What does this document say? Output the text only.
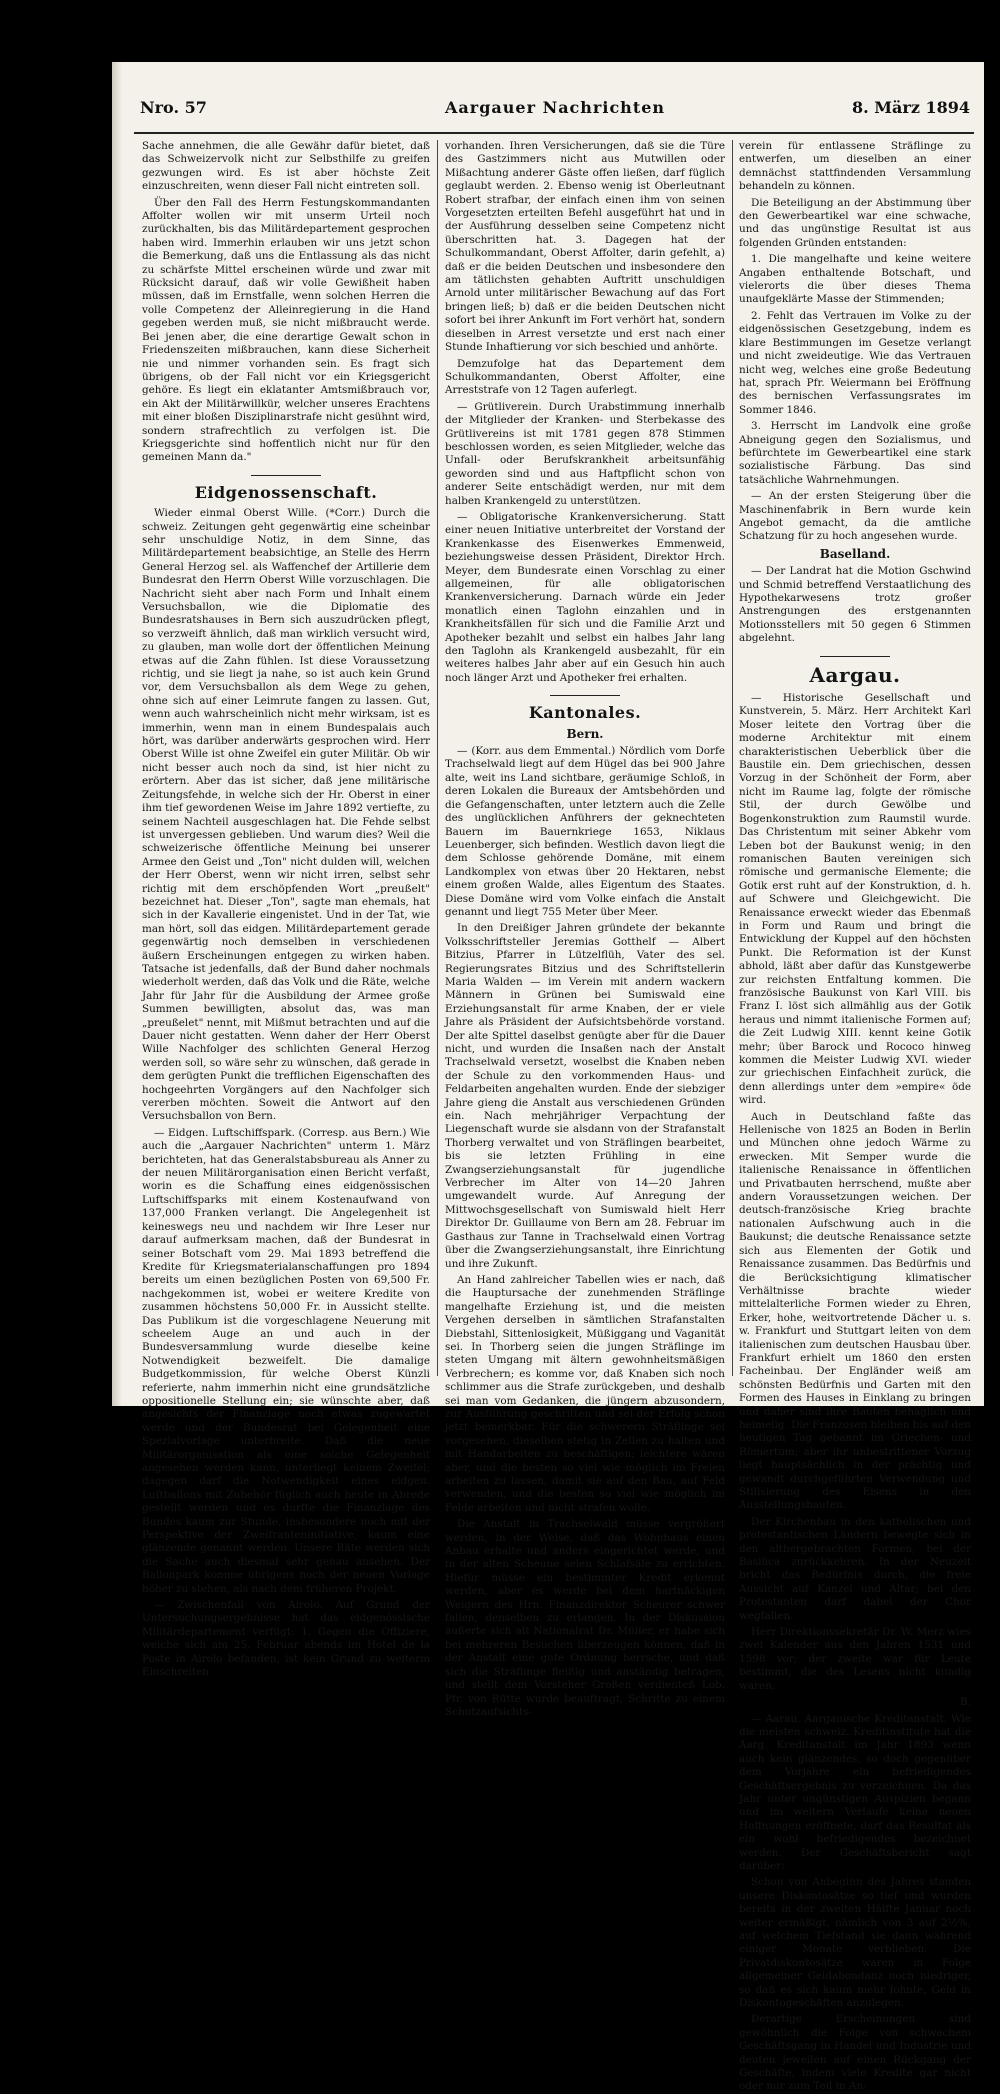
Nro. 57	Aargauer Nachrichten	8. März 1894

Sache annehmen, die alle Gewähr dafür bietet, daß das Schweizervolk nicht zur Selbsthilfe zu greifen gezwungen wird. Es ist aber höchste Zeit einzuschreiten, wenn dieser Fall nicht eintreten soll.

Über den Fall des Herrn Festungskommandanten Affolter wollen wir mit unserm Urteil noch zurückhalten, bis das Militärdepartement gesprochen haben wird. Immerhin erlauben wir uns jetzt schon die Bemerkung, daß uns die Entlassung als das nicht zu schärfste Mittel erscheinen würde und zwar mit Rücksicht darauf, daß wir volle Gewißheit haben müssen, daß im Ernstfalle, wenn solchen Herren die volle Competenz der Alleinregierung in die Hand gegeben werden muß, sie nicht mißbraucht werde. Bei jenen aber, die eine derartige Gewalt schon in Friedenszeiten mißbrauchen, kann diese Sicherheit nie und nimmer vorhanden sein. Es fragt sich übrigens, ob der Fall nicht vor ein Kriegsgericht gehöre. Es liegt ein eklatanter Amtsmißbrauch vor, ein Akt der Militärwillkür, welcher unseres Erachtens mit einer bloßen Disziplinarstrafe nicht gesühnt wird, sondern strafrechtlich zu verfolgen ist. Die Kriegsgerichte sind hoffentlich nicht nur für den gemeinen Mann da."

Eidgenossenschaft.

Wieder einmal Oberst Wille. (*Corr.) Durch die schweiz. Zeitungen geht gegenwärtig eine scheinbar sehr unschuldige Notiz, in dem Sinne, das Militärdepartement beabsichtige, an Stelle des Herrn General Herzog sel. als Waffenchef der Artillerie dem Bundesrat den Herrn Oberst Wille vorzuschlagen. Die Nachricht sieht aber nach Form und Inhalt einem Versuchsballon, wie die Diplomatie des Bundesratshauses in Bern sich auszudrücken pflegt, so verzweift ähnlich, daß man wirklich versucht wird, zu glauben, man wolle dort der öffentlichen Meinung etwas auf die Zahn fühlen. Ist diese Voraussetzung richtig, und sie liegt ja nahe, so ist auch kein Grund vor, dem Versuchsballon als dem Wege zu gehen, ohne sich auf einer Leimrute fangen zu lassen. Gut, wenn auch wahrscheinlich nicht mehr wirksam, ist es immerhin, wenn man in einem Bundespalais auch hört, was darüber anderwärts gesprochen wird. Herr Oberst Wille ist ohne Zweifel ein guter Militär. Ob wir nicht besser auch noch da sind, ist hier nicht zu erörtern. Aber das ist sicher, daß jene militärische Zeitungsfehde, in welche sich der Hr. Oberst in einer ihm tief gewordenen Weise im Jahre 1892 vertiefte, zu seinem Nachteil ausgeschlagen hat. Die Fehde selbst ist unvergessen geblieben. Und warum dies? Weil die schweizerische öffentliche Meinung bei unserer Armee den Geist und „Ton" nicht dulden will, welchen der Herr Oberst, wenn wir nicht irren, selbst sehr richtig mit dem erschöpfenden Wort „preußelt" bezeichnet hat. Dieser „Ton", sagte man ehemals, hat sich in der Kavallerie eingenistet. Und in der Tat, wie man hört, soll das eidgen. Militärdepartement gerade gegenwärtig noch demselben in verschiedenen äußern Erscheinungen entgegen zu wirken haben. Tatsache ist jedenfalls, daß der Bund daher nochmals wiederholt werden, daß das Volk und die Räte, welche Jahr für Jahr für die Ausbildung der Armee große Summen bewilligten, absolut das, was man „preußelet" nennt, mit Mißmut betrachten und auf die Dauer nicht gestatten. Wenn daher der Herr Oberst Wille Nachfolger des schlichten General Herzog werden soll, so wäre sehr zu wünschen, daß gerade in dem gerügten Punkt die trefflichen Eigenschaften des hochgeehrten Vorgängers auf den Nachfolger sich vererben möchten. Soweit die Antwort auf den Versuchsballon von Bern.

— Eidgen. Luftschiffspark. (Corresp. aus Bern.) Wie auch die „Aargauer Nachrichten" unterm 1. März berichteten, hat das Generalstabsbureau als Anner zu der neuen Militärorganisation einen Bericht verfaßt, worin es die Schaffung eines eidgenössischen Luftschiffsparks mit einem Kostenaufwand von 137,000 Franken verlangt. Die Angelegenheit ist keineswegs neu und nachdem wir Ihre Leser nur darauf aufmerksam machen, daß der Bundesrat in seiner Botschaft vom 29. Mai 1893 betreffend die Kredite für Kriegsmaterialanschaffungen pro 1894 bereits um einen bezüglichen Posten von 69,500 Fr. nachgekommen ist, wobei er weitere Kredite von zusammen höchstens 50,000 Fr. in Aussicht stellte. Das Publikum ist die vorgeschlagene Neuerung mit scheelem Auge an und auch in der Bundesversammlung wurde dieselbe keine Notwendigkeit bezweifelt. Die damalige Budgetkommission, für welche Oberst Künzli referierte, nahm immerhin nicht eine grundsätzliche oppositionelle Stellung ein; sie wünschte aber, daß angesichts der Finanzlage noch etwas zugewartet werde und der Bundesrat bei Gelegenheit eine Spezialvorlage unterbreite. Daß die neue Militärorganisation als eine solche Gelegenheit angesehen werden kann, unterliegt keinem Zweifel; dagegen darf die Notwendigkeit eines eidgen. Luftballons mit Zubehör füglich auch heute in Abrede gestellt werden und es durfte die Finanzlage des Bundes kaum zur Stunde, insbesondere noch mit der Perspektive der Zweifranteninitiative, kaum eine glänzende genannt werden. Unsere Räte werden sich die Sache auch diesmal sehr genau ansehen. Der Ballonpark komme übrigens noch der neuen Vorlage höher zu stehen, als nach dem früheren Projekt.

— Zwischenfall von Airolo. Auf Grund der Untersuchungsergebnisse hat das eidgenössische Militärdepartement verfügt: 1. Gegen die Offiziere, welche sich am 25. Februar abends im Hotel de la Poste in Airolo befanden, ist kein Grund zu weiterm Einschreiten

vorhanden. Ihren Versicherungen, daß sie die Türe des Gastzimmers nicht aus Mutwillen oder Mißachtung anderer Gäste offen ließen, darf füglich geglaubt werden. 2. Ebenso wenig ist Oberleutnant Robert strafbar, der einfach einen ihm von seinen Vorgesetzten erteilten Befehl ausgeführt hat und in der Ausführung desselben seine Competenz nicht überschritten hat. 3. Dagegen hat der Schulkommandant, Oberst Affolter, darin gefehlt, a) daß er die beiden Deutschen und insbesondere den am tätlichsten gehabten Auftritt unschuldigen Arnold unter militärischer Bewachung auf das Fort bringen ließ; b) daß er die beiden Deutschen nicht sofort bei ihrer Ankunft im Fort verhört hat, sondern dieselben in Arrest versetzte und erst nach einer Stunde Inhaftierung vor sich beschied und anhörte.

Demzufolge hat das Departement dem Schulkommandanten, Oberst Affolter, eine Arreststrafe von 12 Tagen auferlegt.

— Grütliverein. Durch Urabstimmung innerhalb der Mitglieder der Kranken- und Sterbekasse des Grütlivereins ist mit 1781 gegen 878 Stimmen beschlossen worden, es seien Mitglieder, welche das Unfall- oder Berufskrankheit arbeitsunfähig geworden sind und aus Haftpflicht schon von anderer Seite entschädigt werden, nur mit dem halben Krankengeld zu unterstützen.

— Obligatorische Krankenversicherung. Statt einer neuen Initiative unterbreitet der Vorstand der Krankenkasse des Eisenwerkes Emmenweid, beziehungsweise dessen Präsident, Direktor Hrch. Meyer, dem Bundesrate einen Vorschlag zu einer allgemeinen, für alle obligatorischen Krankenversicherung. Darnach würde ein Jeder monatlich einen Taglohn einzahlen und in Krankheitsfällen für sich und die Familie Arzt und Apotheker bezahlt und selbst ein halbes Jahr lang den Taglohn als Krankengeld ausbezahlt, für ein weiteres halbes Jahr aber auf ein Gesuch hin auch noch länger Arzt und Apotheker frei erhalten.

Kantonales.
Bern.

— (Korr. aus dem Emmental.) Nördlich vom Dorfe Trachselwald liegt auf dem Hügel das bei 900 Jahre alte, weit ins Land sichtbare, geräumige Schloß, in deren Lokalen die Bureaux der Amtsbehörden und die Gefangenschaften, unter letztern auch die Zelle des unglücklichen Anführers der geknechteten Bauern im Bauernkriege 1653, Niklaus Leuenberger, sich befinden. Westlich davon liegt die dem Schlosse gehörende Domäne, mit einem Landkomplex von etwas über 20 Hektaren, nebst einem großen Walde, alles Eigentum des Staates. Diese Domäne wird vom Volke einfach die Anstalt genannt und liegt 755 Meter über Meer.

In den Dreißiger Jahren gründete der bekannte Volksschriftsteller Jeremias Gotthelf — Albert Bitzius, Pfarrer in Lützelflüh, Vater des sel. Regierungsrates Bitzius und des Schriftstellerin Maria Walden — im Verein mit andern wackern Männern in Grünen bei Sumiswald eine Erziehungsanstalt für arme Knaben, der er viele Jahre als Präsident der Aufsichtsbehörde vorstand. Der alte Spittel daselbst genügte aber für die Dauer nicht, und wurden die Insaßen nach der Anstalt Trachselwald versetzt, woselbst die Knaben neben der Schule zu den vorkommenden Haus- und Feldarbeiten angehalten wurden. Ende der siebziger Jahre gieng die Anstalt aus verschiedenen Gründen ein. Nach mehrjähriger Verpachtung der Liegenschaft wurde sie alsdann von der Strafanstalt Thorberg verwaltet und von Sträflingen bearbeitet, bis sie letzten Frühling in eine Zwangserziehungsanstalt für jugendliche Verbrecher im Alter von 14—20 Jahren umgewandelt wurde. Auf Anregung der Mittwochsgesellschaft von Sumiswald hielt Herr Direktor Dr. Guillaume von Bern am 28. Februar im Gasthaus zur Tanne in Trachselwald einen Vortrag über die Zwangserziehungsanstalt, ihre Einrichtung und ihre Zukunft.

An Hand zahlreicher Tabellen wies er nach, daß die Hauptursache der zunehmenden Sträflinge mangelhafte Erziehung ist, und die meisten Vergehen derselben in sämtlichen Strafanstalten Diebstahl, Sittenlosigkeit, Müßiggang und Vaganität sei. In Thorberg seien die jungen Sträflinge im steten Umgang mit ältern gewohnheitsmäßigen Verbrechern; es komme vor, daß Knaben sich noch schlimmer aus die Strafe zurückgeben, und deshalb sei man vom Gedanken, die jüngern abzusondern, zur Ausführung geschritten und sei der Erfolg schon jetzt bemerkbar. Für die schwerern Sträflinge sei vorgesehen, dieselben stetig in Zellen zu halten und mit Handarbeiten zu beschäftigen; leichtere wären aber, und die besten so viel wie möglich im Freien arbeiten zu lassen, damit sie auf den Bau, auf Feld verwenden, und die besten so viel wie möglich im Felde arbeiten und nicht strafen wolle.

Die Anstalt in Trachselwald müsse vergrößert werden, in der Weise, daß das Wohnhaus einen Anbau erhalte und anders eingerichtet werde, und in der alten Scheune seien Schlafsäle zu errichten. Hiefür müsse ein bestimmter Kredit erkennt werden, aber es werde bei dem hartnäckigen Weigern des Hrn. Finanzdirektor Scheurer schwer fallen, denselben zu erlangen. In der Diskussion äußerte sich alt Nationalrat Dr. Müller, er habe sich bei mehreren Besuchen überzeugen können, daß in der Anstalt eine gute Ordnung herrsche, und daß sich die Sträflinge fleißig und anständig betragen, und stellt dem Vorsteher Großen verdienteß Lob. Pfr. von Rütte wurde beauftragt, Schritte zu einem Schutzaufsichts-

verein für entlassene Sträflinge zu entwerfen, um dieselben an einer demnächst stattfindenden Versammlung behandeln zu können.

Die Beteiligung an der Abstimmung über den Gewerbeartikel war eine schwache, und das ungünstige Resultat ist aus folgenden Gründen entstanden:

1. Die mangelhafte und keine weitere Angaben enthaltende Botschaft, und vielerorts die über dieses Thema unaufgeklärte Masse der Stimmenden;

2. Fehlt das Vertrauen im Volke zu der eidgenössischen Gesetzgebung, indem es klare Bestimmungen im Gesetze verlangt und nicht zweideutige. Wie das Vertrauen nicht weg, welches eine große Bedeutung hat, sprach Pfr. Weiermann bei Eröffnung des bernischen Verfassungsrates im Sommer 1846.

3. Herrscht im Landvolk eine große Abneigung gegen den Sozialismus, und befürchtete im Gewerbeartikel eine stark sozialistische Färbung. Das sind tatsächliche Wahrnehmungen.

— An der ersten Steigerung über die Maschinenfabrik in Bern wurde kein Angebot gemacht, da die amtliche Schatzung für zu hoch angesehen wurde.

Baselland.

— Der Landrat hat die Motion Gschwind und Schmid betreffend Verstaatlichung des Hypothekarwesens trotz großer Anstrengungen des erstgenannten Motionsstellers mit 50 gegen 6 Stimmen abgelehnt.

Aargau.

— Historische Gesellschaft und Kunstverein, 5. März. Herr Architekt Karl Moser leitete den Vortrag über die moderne Architektur mit einem charakteristischen Ueberblick über die Baustile ein. Dem griechischen, dessen Vorzug in der Schönheit der Form, aber nicht im Raume lag, folgte der römische Stil, der durch Gewölbe und Bogenkonstruktion zum Raumstil wurde. Das Christentum mit seiner Abkehr vom Leben bot der Baukunst wenig; in den romanischen Bauten vereinigen sich römische und germanische Elemente; die Gotik erst ruht auf der Konstruktion, d. h. auf Schwere und Gleichgewicht. Die Renaissance erweckt wieder das Ebenmaß in Form und Raum und bringt die Entwicklung der Kuppel auf den höchsten Punkt. Die Reformation ist der Kunst abhold, läßt aber dafür das Kunstgewerbe zur reichsten Entfaltung kommen. Die französische Baukunst von Karl VIII. bis Franz I. löst sich allmählig aus der Gotik heraus und nimmt italienische Formen auf; die Zeit Ludwig XIII. kennt keine Gotik mehr; über Barock und Rococo hinweg kommen die Meister Ludwig XVI. wieder zur griechischen Einfachheit zurück, die denn allerdings unter dem »empire« öde wird.

Auch in Deutschland faßte das Hellenische von 1825 an Boden in Berlin und München ohne jedoch Wärme zu erwecken. Mit Semper wurde die italienische Renaissance in öffentlichen und Privatbauten herrschend, mußte aber andern Voraussetzungen weichen. Der deutsch-französische Krieg brachte nationalen Aufschwung auch in die Baukunst; die deutsche Renaissance setzte sich aus Elementen der Gotik und Renaissance zusammen. Das Bedürfnis und die Berücksichtigung klimatischer Verhältnisse brachte wieder mittelalterliche Formen wieder zu Ehren, Erker, hohe, weitvortretende Dächer u. s. w. Frankfurt und Stuttgart leiten von dem italienischen zum deutschen Hausbau über. Frankfurt erhielt um 1860 den ersten Facheinbau. Der Engländer weiß am schönsten Bedürfnis und Garten mit den Formen des Hauses in Einklang zu bringen und daher sind ihre Bauten behaglich und heimelig. Die Franzosen bleiben bis auf den heutigen Tag gebannt im Griechen- und Römertum; aber ihr unbestrittener Vorzug liegt hauptsächlich in der prächtig und gewandt durchgeführten Verwendung und Stilisierung des Eisens in den Ausstellungsbauten.

Der Kirchenbau in den katholischen und protestantischen Ländern bewegte sich in den althergebrachten Formen, bei der Basilica zurückkehren. In der Neuzeit bricht das Bedürfnis durch, die freie Aussicht auf Kanzel und Altar; bei den Protestanten darf dabei der Chor wegfallen.

Herr Direktionssekretär Dr. W. Merz wies zwei Kalender aus den Jahren 1531 und 1598 vor; der zweite war für Leute bestimmt, die des Lesens nicht kundig waren.

B.

— Aarau. Aargauische Kreditanstalt. Wie die meisten schweiz. Kreditinstitute hat die Aarg. Kreditanstalt im Jahr 1893 wenn auch kein glänzendes, so doch gegenüber dem Vorjahre ein befriedigendes Geschäftsergebnis zu verzeichnen. Da das Jahr unter ungünstigen Auspizien begann und im weitern Verlaufe keine neuen Hoffnungen eröffnete, darf das Resultat als ein wohl befriedigendes bezeichnet werden. Der Geschäftsbericht sagt darüber:

Schon von Anbeginn des Jahres standen unsere Diskontosätze so tief und wurden bereits in der zweiten Hälfte Januar noch weiter ermäßigt, nämlich von 3 auf 2½%, auf welchem Tiefstand sie dann während einiger Monate verblieben. Die Privatdiskontosätze waren in Folge allgemeiner Geldabondanz noch niedriger, so daß es sich kaum mehr lohnte, Geld in Diskontogeschäften anzulegen.

Derartige Erscheinungen sind gewöhnlich die Folge von schwachem Geschäftsgang in Handel und Industrie und deuten jeweilen auf einen Rückgang der Geschäfte, indem viele Kredite gar nicht oder nur zum Teil in An-
